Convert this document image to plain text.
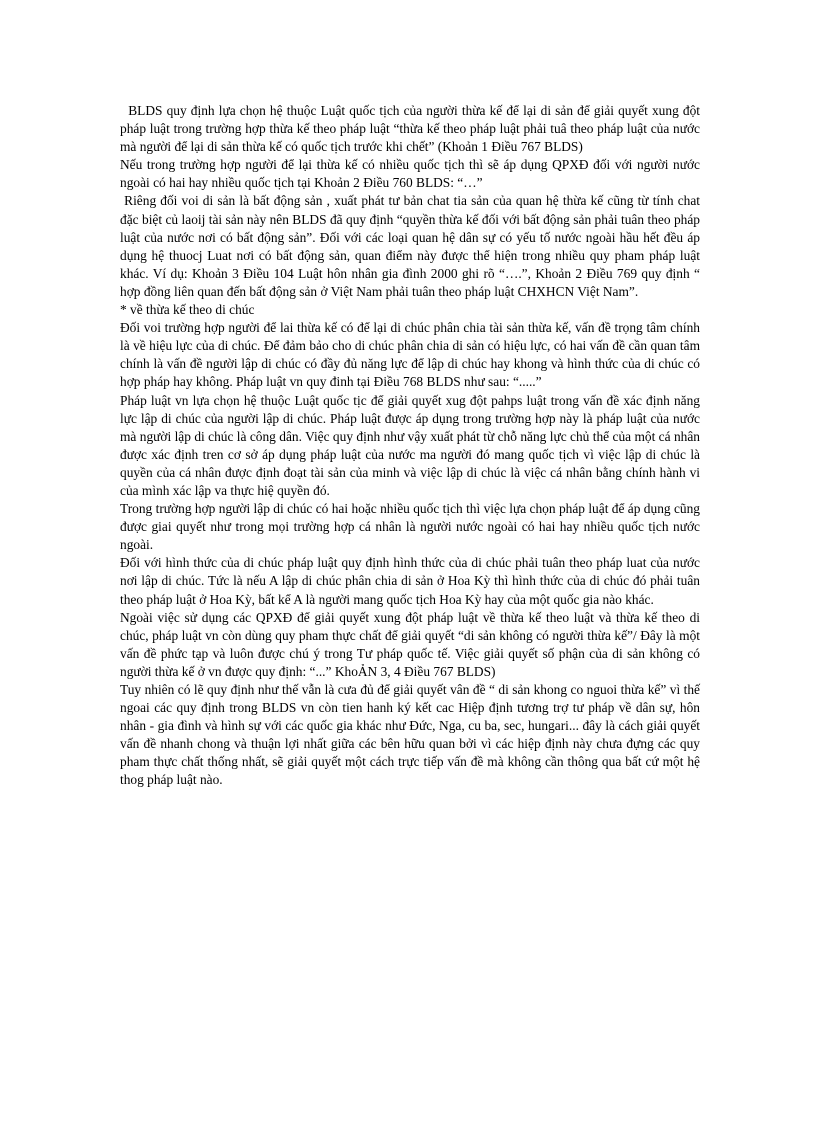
BLDS quy định lựa chọn hệ thuộc Luật quốc tịch của người thừa kế để lại di sản để giải quyết xung đột pháp luật trong trường hợp thừa kế theo pháp luật “thừa kế theo pháp luật phải tuâ theo pháp luật của nước mà người để lại di sản thừa kế có quốc tịch trước khi chết” (Khoản 1 Điều 767 BLDS)

Nếu trong trường hợp người để lại thừa kế có nhiều quốc tịch thì sẽ áp dụng QPXĐ đối với người nước ngoài có hai hay nhiều quốc tịch tại Khoản 2 Điều 760 BLDS: “…”

Riêng đối voi di sản là bất động sản , xuất phát tư bản chat tia sản của quan hệ thừa kế cũng từ tính chat đặc biệt củ laoij tài sản này nên BLDS đã quy định “quyền thừa kế đối với bất động sản phải tuân theo pháp luật của nước nơi có bất động sản”. Đối với các loại quan hệ dân sự có yếu tố nước ngoài hầu hết đều áp dụng hệ thuocj Luat nơi có bất động sản, quan điểm này được thể hiện trong nhiều quy pham pháp luật khác. Ví dụ: Khoản 3 Điều 104 Luật hôn nhân gia đình 2000 ghi rõ “….”, Khoản 2 Điều 769 quy định “ hợp đồng liên quan đến bất động sản ở Việt Nam phải tuân theo pháp luật CHXHCN Việt Nam”.

* về thừa kế theo di chúc

Đối voi trường hợp người để lai thừa kế có để lại di chúc phân chia tài sản thừa kế, vấn đề trọng tâm chính là về hiệu lực của di chúc. Để đảm bảo cho di chúc phân chia di sản có hiệu lực, có hai vấn đề cần quan tâm chính là vấn đề người lập di chúc có đầy đủ năng lực để lập di chúc hay khong và hình thức của di chúc có hợp pháp hay không. Pháp luật vn quy đinh tại Điều 768 BLDS như sau: “.....”

Pháp luật vn lựa chọn hệ thuộc Luật quốc tịc để giải quyết xug đột pahps luật trong vấn đề xác định năng lực lập di chúc của người lập di chúc. Pháp luật được áp dụng trong trường hợp này là pháp luật của nước mà người lập di chúc là công dân. Việc quy định như vậy xuất phát từ chỗ năng lực chủ thể của một cá nhân được xác định tren cơ sở áp dụng pháp luật của nước ma người đó mang quốc tịch vì việc lập di chúc là quyền của cá nhân được định đoạt tài sản của minh và việc lập di chúc là việc cá nhân bằng chính hành vi của mình xác lập va thực hiệ quyền đó.

Trong trường hợp người lập di chúc có hai hoặc nhiều quốc tịch thì việc lựa chọn pháp luật để áp dụng cũng được giai quyết như trong mọi trường hợp cá nhân là người nước ngoài có hai hay nhiều quốc tịch nước ngoài.

Đối với hình thức của di chúc pháp luật quy định hình thức của di chúc phải tuân theo pháp luat của nước nơi lập di chúc. Tức là nếu A lập di chúc phân chia di sản ở Hoa Kỳ thì hình thức của di chúc đó phải tuân theo pháp luật ở Hoa Kỳ, bất kể A là người mang quốc tịch Hoa Kỳ hay của một quốc gia nào khác.

Ngoài việc sử dụng các QPXĐ để giải quyết xung đột pháp luật về thừa kế theo luật và thừa kế theo di chúc, pháp luật vn còn dùng quy pham thực chất để giải quyết “di sản không có người thừa kế”/ Đây là một vấn đề phức tạp và luôn được chú ý trong Tư pháp quốc tế. Việc giải quyết số phận của di sản không có người thừa kế ở vn được quy định: “...” KhoẢN 3, 4 Điều 767 BLDS)

Tuy nhiên có lẽ quy định như thế vẫn là cưa đủ để giải quyết vân đề “ di sản khong co nguoi thừa kế” vì thế ngoai các quy định trong BLDS vn còn tien hanh ký kết cac Hiệp định tương trợ tư pháp về dân sự, hôn nhân - gia đình và hình sự với các quốc gia khác như Đức, Nga, cu ba, sec, hungari... đây là cách giải quyết vấn đề nhanh chong và thuận lợi nhất giữa các bên hữu quan bởi vì các hiệp định này chưa đựng các quy pham thực chất thống nhất, sẽ giải quyết một cách trực tiếp vấn đề mà không cần thông qua bất cứ một hệ thog pháp luật nào.
